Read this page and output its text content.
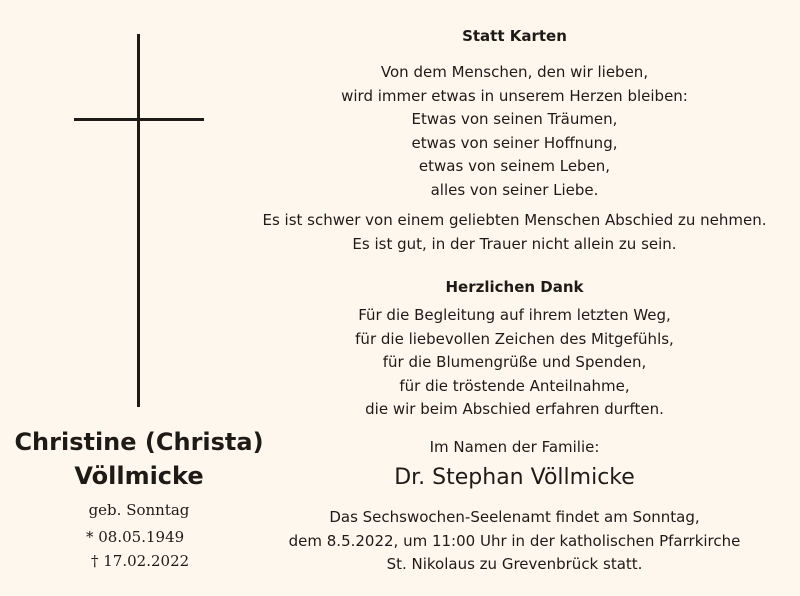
Christine (Christa)
Völlmicke
geb. Sonntag
* 08.05.1949
† 17.02.2022
Statt Karten
Von dem Menschen, den wir lieben,
wird immer etwas in unserem Herzen bleiben:
Etwas von seinen Träumen,
etwas von seiner Hoffnung,
etwas von seinem Leben,
alles von seiner Liebe.
Es ist schwer von einem geliebten Menschen Abschied zu nehmen.
Es ist gut, in der Trauer nicht allein zu sein.
Herzlichen Dank
Für die Begleitung auf ihrem letzten Weg,
für die liebevollen Zeichen des Mitgefühls,
für die Blumengrüße und Spenden,
für die tröstende Anteilnahme,
die wir beim Abschied erfahren durften.
Im Namen der Familie:
Dr. Stephan Völlmicke
Das Sechswochen-Seelenamt findet am Sonntag,
dem 8.5.2022, um 11:00 Uhr in der katholischen Pfarrkirche
St. Nikolaus zu Grevenbrück statt.
